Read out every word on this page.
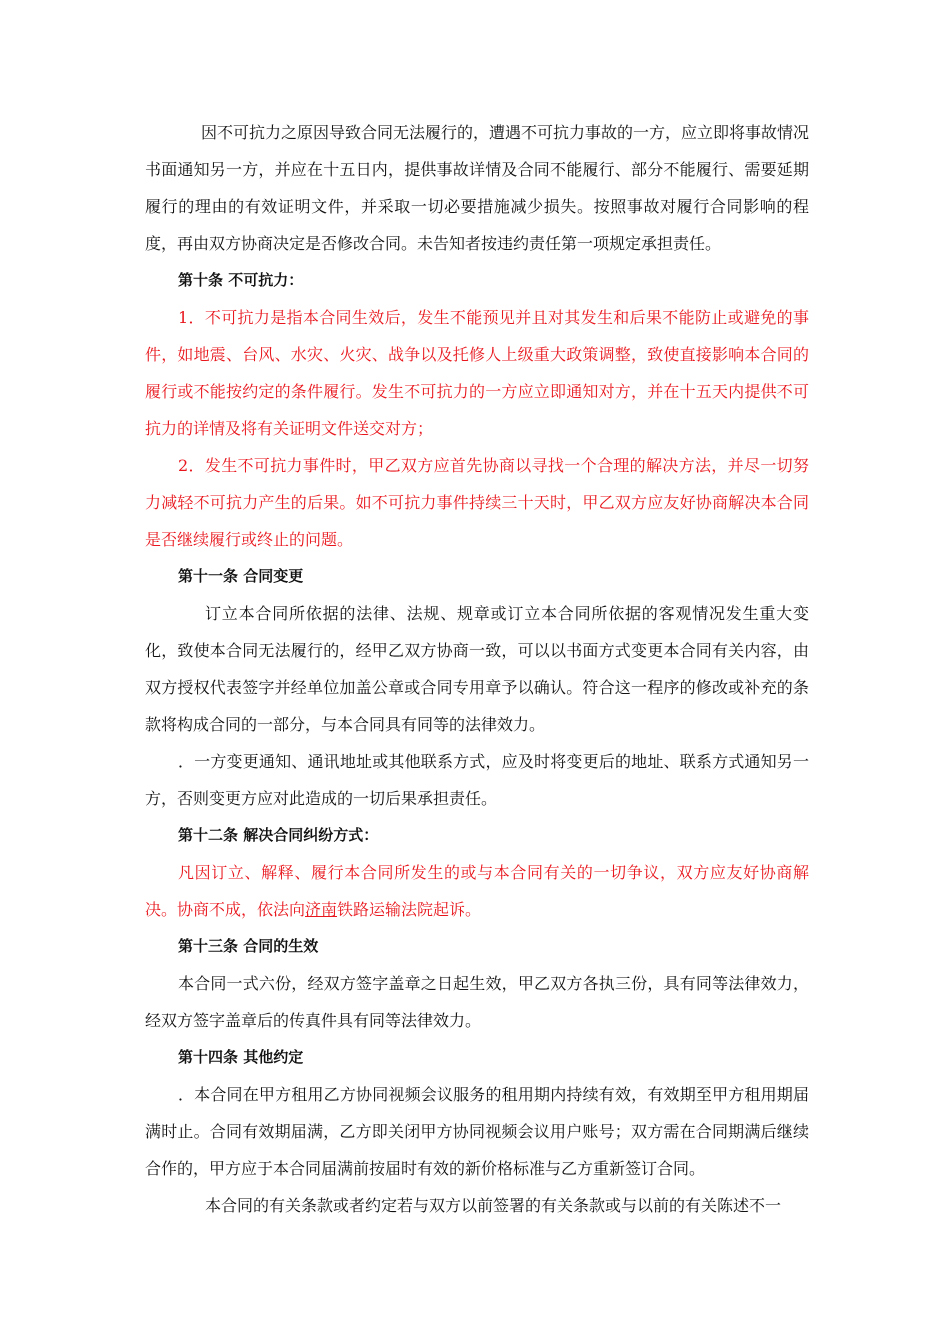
因不可抗力之原因导致合同无法履行的，遭遇不可抗力事故的一方，应立即将事故情况书面通知另一方，并应在十五日内，提供事故详情及合同不能履行、部分不能履行、需要延期履行的理由的有效证明文件，并采取一切必要措施减少损失。按照事故对履行合同影响的程度，再由双方协商决定是否修改合同。未告知者按违约责任第一项规定承担责任。

第十条 不可抗力：

1．不可抗力是指本合同生效后，发生不能预见并且对其发生和后果不能防止或避免的事件，如地震、台风、水灾、火灾、战争以及托修人上级重大政策调整，致使直接影响本合同的履行或不能按约定的条件履行。发生不可抗力的一方应立即通知对方，并在十五天内提供不可抗力的详情及将有关证明文件送交对方；

2．发生不可抗力事件时，甲乙双方应首先协商以寻找一个合理的解决方法，并尽一切努力减轻不可抗力产生的后果。如不可抗力事件持续三十天时，甲乙双方应友好协商解决本合同是否继续履行或终止的问题。

第十一条 合同变更

订立本合同所依据的法律、法规、规章或订立本合同所依据的客观情况发生重大变化，致使本合同无法履行的，经甲乙双方协商一致，可以以书面方式变更本合同有关内容，由双方授权代表签字并经单位加盖公章或合同专用章予以确认。符合这一程序的修改或补充的条款将构成合同的一部分，与本合同具有同等的法律效力。

．一方变更通知、通讯地址或其他联系方式，应及时将变更后的地址、联系方式通知另一方，否则变更方应对此造成的一切后果承担责任。

第十二条 解决合同纠纷方式：

凡因订立、解释、履行本合同所发生的或与本合同有关的一切争议，双方应友好协商解决。协商不成，依法向济南铁路运输法院起诉。

第十三条 合同的生效

本合同一式六份，经双方签字盖章之日起生效，甲乙双方各执三份，具有同等法律效力，经双方签字盖章后的传真件具有同等法律效力。

第十四条 其他约定

．本合同在甲方租用乙方协同视频会议服务的租用期内持续有效，有效期至甲方租用期届满时止。合同有效期届满，乙方即关闭甲方协同视频会议用户账号；双方需在合同期满后继续合作的，甲方应于本合同届满前按届时有效的新价格标准与乙方重新签订合同。

本合同的有关条款或者约定若与双方以前签署的有关条款或与以前的有关陈述不一
